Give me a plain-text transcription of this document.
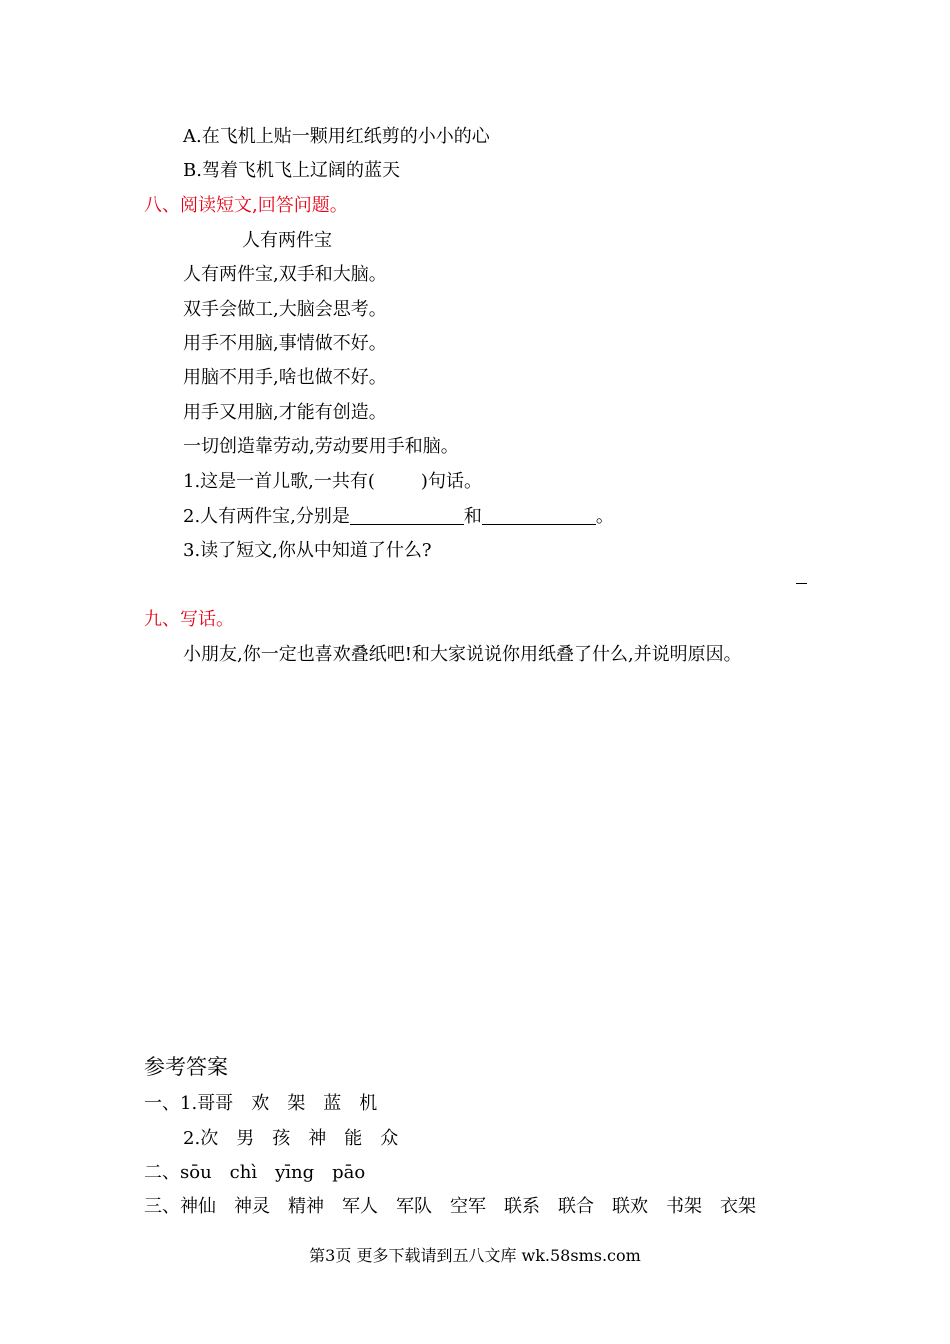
A.在飞机上贴一颗用红纸剪的小小的心
B.驾着飞机飞上辽阔的蓝天
八、阅读短文,回答问题。
人有两件宝
人有两件宝,双手和大脑。
双手会做工,大脑会思考。
用手不用脑,事情做不好。
用脑不用手,啥也做不好。
用手又用脑,才能有创造。
一切创造靠劳动,劳动要用手和脑。
1.这是一首儿歌,一共有(	)句话。
2.人有两件宝,分别是	和	。
3.读了短文,你从中知道了什么?
九、写话。
小朋友,你一定也喜欢叠纸吧!和大家说说你用纸叠了什么,并说明原因。
参考答案
一、1.哥哥 欢 架 蓝 机
2.次 男 孩 神 能 众
二、sōu chì yīng pāo
三、神仙 神灵 精神 军人 军队 空军 联系 联合 联欢 书架 衣架
第3页 更多下载请到五八文库 wk.58sms.com
